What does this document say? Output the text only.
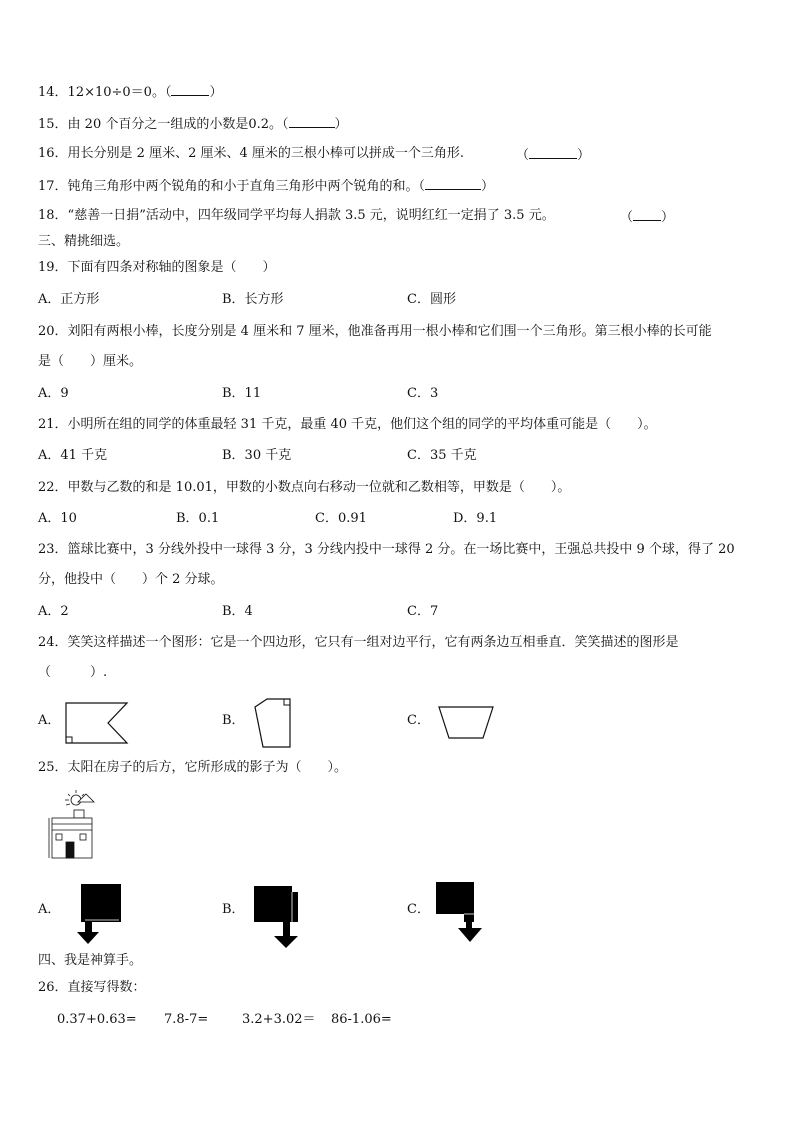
14．12×10÷0＝0。（	）
15．由 20 个百分之一组成的小数是0.2。（	）
16．用长分别是 2 厘米、2 厘米、4 厘米的三根小棒可以拼成一个三角形.	（	）
17．钝角三角形中两个锐角的和小于直角三角形中两个锐角的和。（	）
18．“慈善一日捐”活动中，四年级同学平均每人捐款 3.5 元，说明红红一定捐了 3.5 元。	（ ）
三、精挑细选。
19．下面有四条对称轴的图象是（　　）
A．正方形	B．长方形	C．圆形
20．刘阳有两根小棒，长度分别是 4 厘米和 7 厘米，他准备再用一根小棒和它们围一个三角形。第三根小棒的长可能
是（　　）厘米。
A．9	B．11	C．3
21．小明所在组的同学的体重最轻 31 千克，最重 40 千克，他们这个组的同学的平均体重可能是（　　）。
A．41 千克	B．30 千克	C．35 千克
22．甲数与乙数的和是 10.01，甲数的小数点向右移动一位就和乙数相等，甲数是（　　）。
A．10	B．0.1	C．0.91	D．9.1
23．篮球比赛中，3 分线外投中一球得 3 分，3 分线内投中一球得 2 分。在一场比赛中，王强总共投中 9 个球，得了 20
分，他投中（　　）个 2 分球。
A．2	B．4	C．7
24．笑笑这样描述一个图形：它是一个四边形，它只有一组对边平行，它有两条边互相垂直．笑笑描述的图形是
（　　　）.
A．	B．	C．
25．太阳在房子的后方，它所形成的影子为（　　）。
A．	B．	C．
四、我是神算手。
26．直接写得数：
0.37+0.63= 7.8-7=	3.2+3.02＝ 86-1.06=
